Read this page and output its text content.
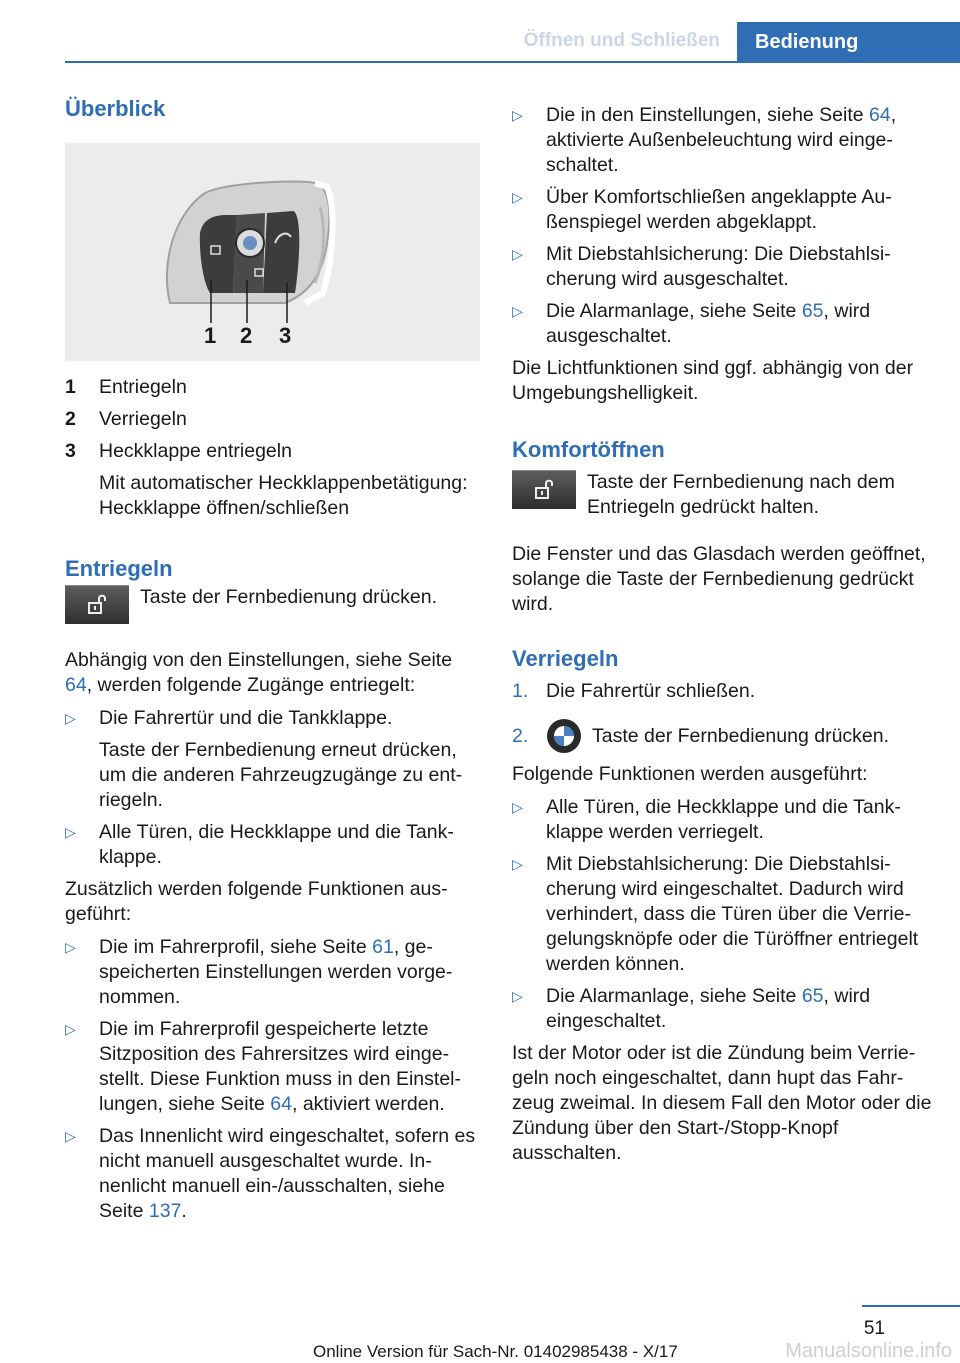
Öffnen und Schließen	Bedienung
Überblick
1 2 3
1	Entriegeln
2	Verriegeln
3	Heckklappe entriegeln
Mit automatischer Heckklappenbetätigung: Heckklappe öffnen/schließen
Entriegeln

Taste der Fernbedienung drücken.

Abhängig von den Einstellungen, siehe Seite 64, werden folgende Zugänge entriegelt:

▷ Die Fahrertür und die Tankklappe.
Taste der Fernbedienung erneut drücken, um die anderen Fahrzeugzugänge zu entriegeln.
▷ Alle Türen, die Heckklappe und die Tankklappe.

Zusätzlich werden folgende Funktionen ausgeführt:

▷ Die im Fahrerprofil, siehe Seite 61, gespeicherten Einstellungen werden vorgenommen.
▷ Die im Fahrerprofil gespeicherte letzte Sitzposition des Fahrersitzes wird eingestellt. Diese Funktion muss in den Einstellungen, siehe Seite 64, aktiviert werden.
▷ Das Innenlicht wird eingeschaltet, sofern es nicht manuell ausgeschaltet wurde. Innenlicht manuell ein-/ausschalten, siehe Seite 137.
▷ Die in den Einstellungen, siehe Seite 64, aktivierte Außenbeleuchtung wird eingeschaltet.
▷ Über Komfortschließen angeklappte Außenspiegel werden abgeklappt.
▷ Mit Diebstahlsicherung: Die Diebstahlsicherung wird ausgeschaltet.
▷ Die Alarmanlage, siehe Seite 65, wird ausgeschaltet.

Die Lichtfunktionen sind ggf. abhängig von der Umgebungshelligkeit.

Komfortöffnen

Taste der Fernbedienung nach dem Entriegeln gedrückt halten.

Die Fenster und das Glasdach werden geöffnet, solange die Taste der Fernbedienung gedrückt wird.

Verriegeln
1. Die Fahrertür schließen.
2.	Taste der Fernbedienung drücken.

Folgende Funktionen werden ausgeführt:

▷ Alle Türen, die Heckklappe und die Tankklappe werden verriegelt.
▷ Mit Diebstahlsicherung: Die Diebstahlsicherung wird eingeschaltet. Dadurch wird verhindert, dass die Türen über die Verriegelungsknöpfe oder die Türöffner entriegelt werden können.
▷ Die Alarmanlage, siehe Seite 65, wird eingeschaltet.

Ist der Motor oder ist die Zündung beim Verriegeln noch eingeschaltet, dann hupt das Fahrzeug zweimal. In diesem Fall den Motor oder die Zündung über den Start-/Stopp-Knopf ausschalten.

51
Online Version für Sach-Nr. 01402985438 - X/17	Manualsonline.info
